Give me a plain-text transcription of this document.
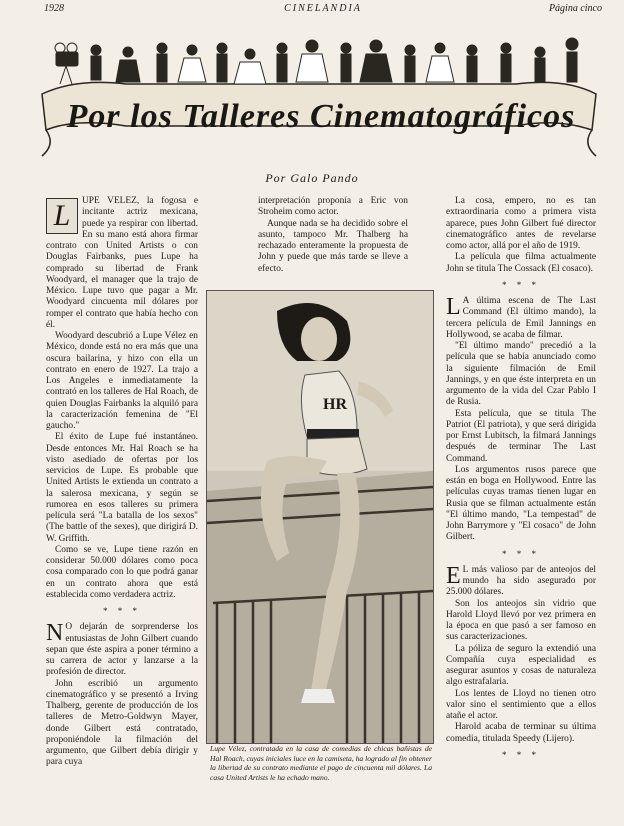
1928	CINELANDIA	Página cinco
Por los Talleres Cinematográficos
Por Galo Pando

L	UPE VELEZ, la fogosa e incitante actriz mexicana, puede ya respirar con libertad. En su mano está ahora firmar contrato con United Artists o con Douglas Fairbanks, pues Lupe ha comprado su libertad de Frank Woodyard, el manager que la trajo de México. Lupe tuvo que pagar a Mr. Woodyard cincuenta mil dólares por romper el contrato que había hecho con él.

Woodyard descubrió a Lupe Vélez en México, donde está no era más que una oscura bailarina, y hizo con ella un contrato en enero de 1927. La trajo a Los Angeles e inmediatamente la contrató en los talleres de Hal Roach, de quien Douglas Fairbanks la alquiló para la caracterización femenina de "El gaucho."

El éxito de Lupe fué instantáneo. Desde entonces Mr. Hal Roach se ha visto asediado de ofertas por los servicios de Lupe. Es probable que United Artists le extienda un contrato a la salerosa mexicana, y según se rumorea en esos talleres su primera película será "La batalla de los sexos" (The battle of the sexes), que dirigirá D. W. Griffith.

Como se ve, Lupe tiene razón en considerar 50.000 dólares como poca cosa comparado con lo que podrá ganar en un contrato ahora que está establecida como verdadera actriz.

* * *

N O dejarán de sorprenderse los entusiastas de John Gilbert cuando sepan que éste aspira a poner término a su carrera de actor y lanzarse a la profesión de director.

John escribió un argumento cinematográfico y se presentó a Irving Thalberg, gerente de producción de los talleres de Metro-Goldwyn Mayer, donde Gilbert está contratado, proponiéndole la filmación del argumento, que Gilbert debía dirigir y para cuya

interpretación proponía a Eric von Stroheim como actor.

Aunque nada se ha decidido sobre el asunto, tampoco Mr. Thalberg ha rechazado enteramente la propuesta de John y puede que más tarde se lleve a efecto.

La cosa, empero, no es tan extraordinaria como a primera vista aparece, pues John Gilbert fué director cinematográfico antes de revelarse como actor, allá por el año de 1919.

La película que filma actualmente John se titula The Cossack (El cosaco).

* * *

L A última escena de The Last Command (El último mando), la tercera película de Emil Jannings en Hollywood, se acaba de filmar.

"El último mando" precedió a la película que se había anunciado como la siguiente filmación de Emil Jannings, y en que éste interpreta en un argumento de la vida del Czar Pablo I de Rusia.

Esta película, que se titula The Patriot (El patriota), y que será dirigida por Ernst Lubitsch, la filmará Jannings después de terminar The Last Command.

Los argumentos rusos parece que están en boga en Hollywood. Entre las películas cuyas tramas tienen lugar en Rusia que se filman actualmente están "El último mando, "La tempestad" de John Barrymore y "El cosaco" de John Gilbert.

* * *

E L más valioso par de anteojos del mundo ha sido asegurado por 25.000 dólares.

Son los anteojos sin vidrio que Harold Lloyd llevó por vez primera en la época en que pasó a ser famoso en sus caracterizaciones.

La póliza de seguro la extendió una Compañía cuya especialidad es asegurar asuntos y cosas de naturaleza algo estrafalaria.

Los lentes de Lloyd no tienen otro valor sino el sentimiento que a ellos atañe el actor.

Harold acaba de terminar su última comedia, titulada Speedy (Lijero).

* * *
HR
Lupe Vélez, contratada en la casa de comedias de chicas bañistas de Hal Roach, cuyas iniciales luce en la camiseta, ha logrado al fin obtener la libertad de su contrato mediante el pago de cincuenta mil dólares. La casa United Artists le ha echado mano.
